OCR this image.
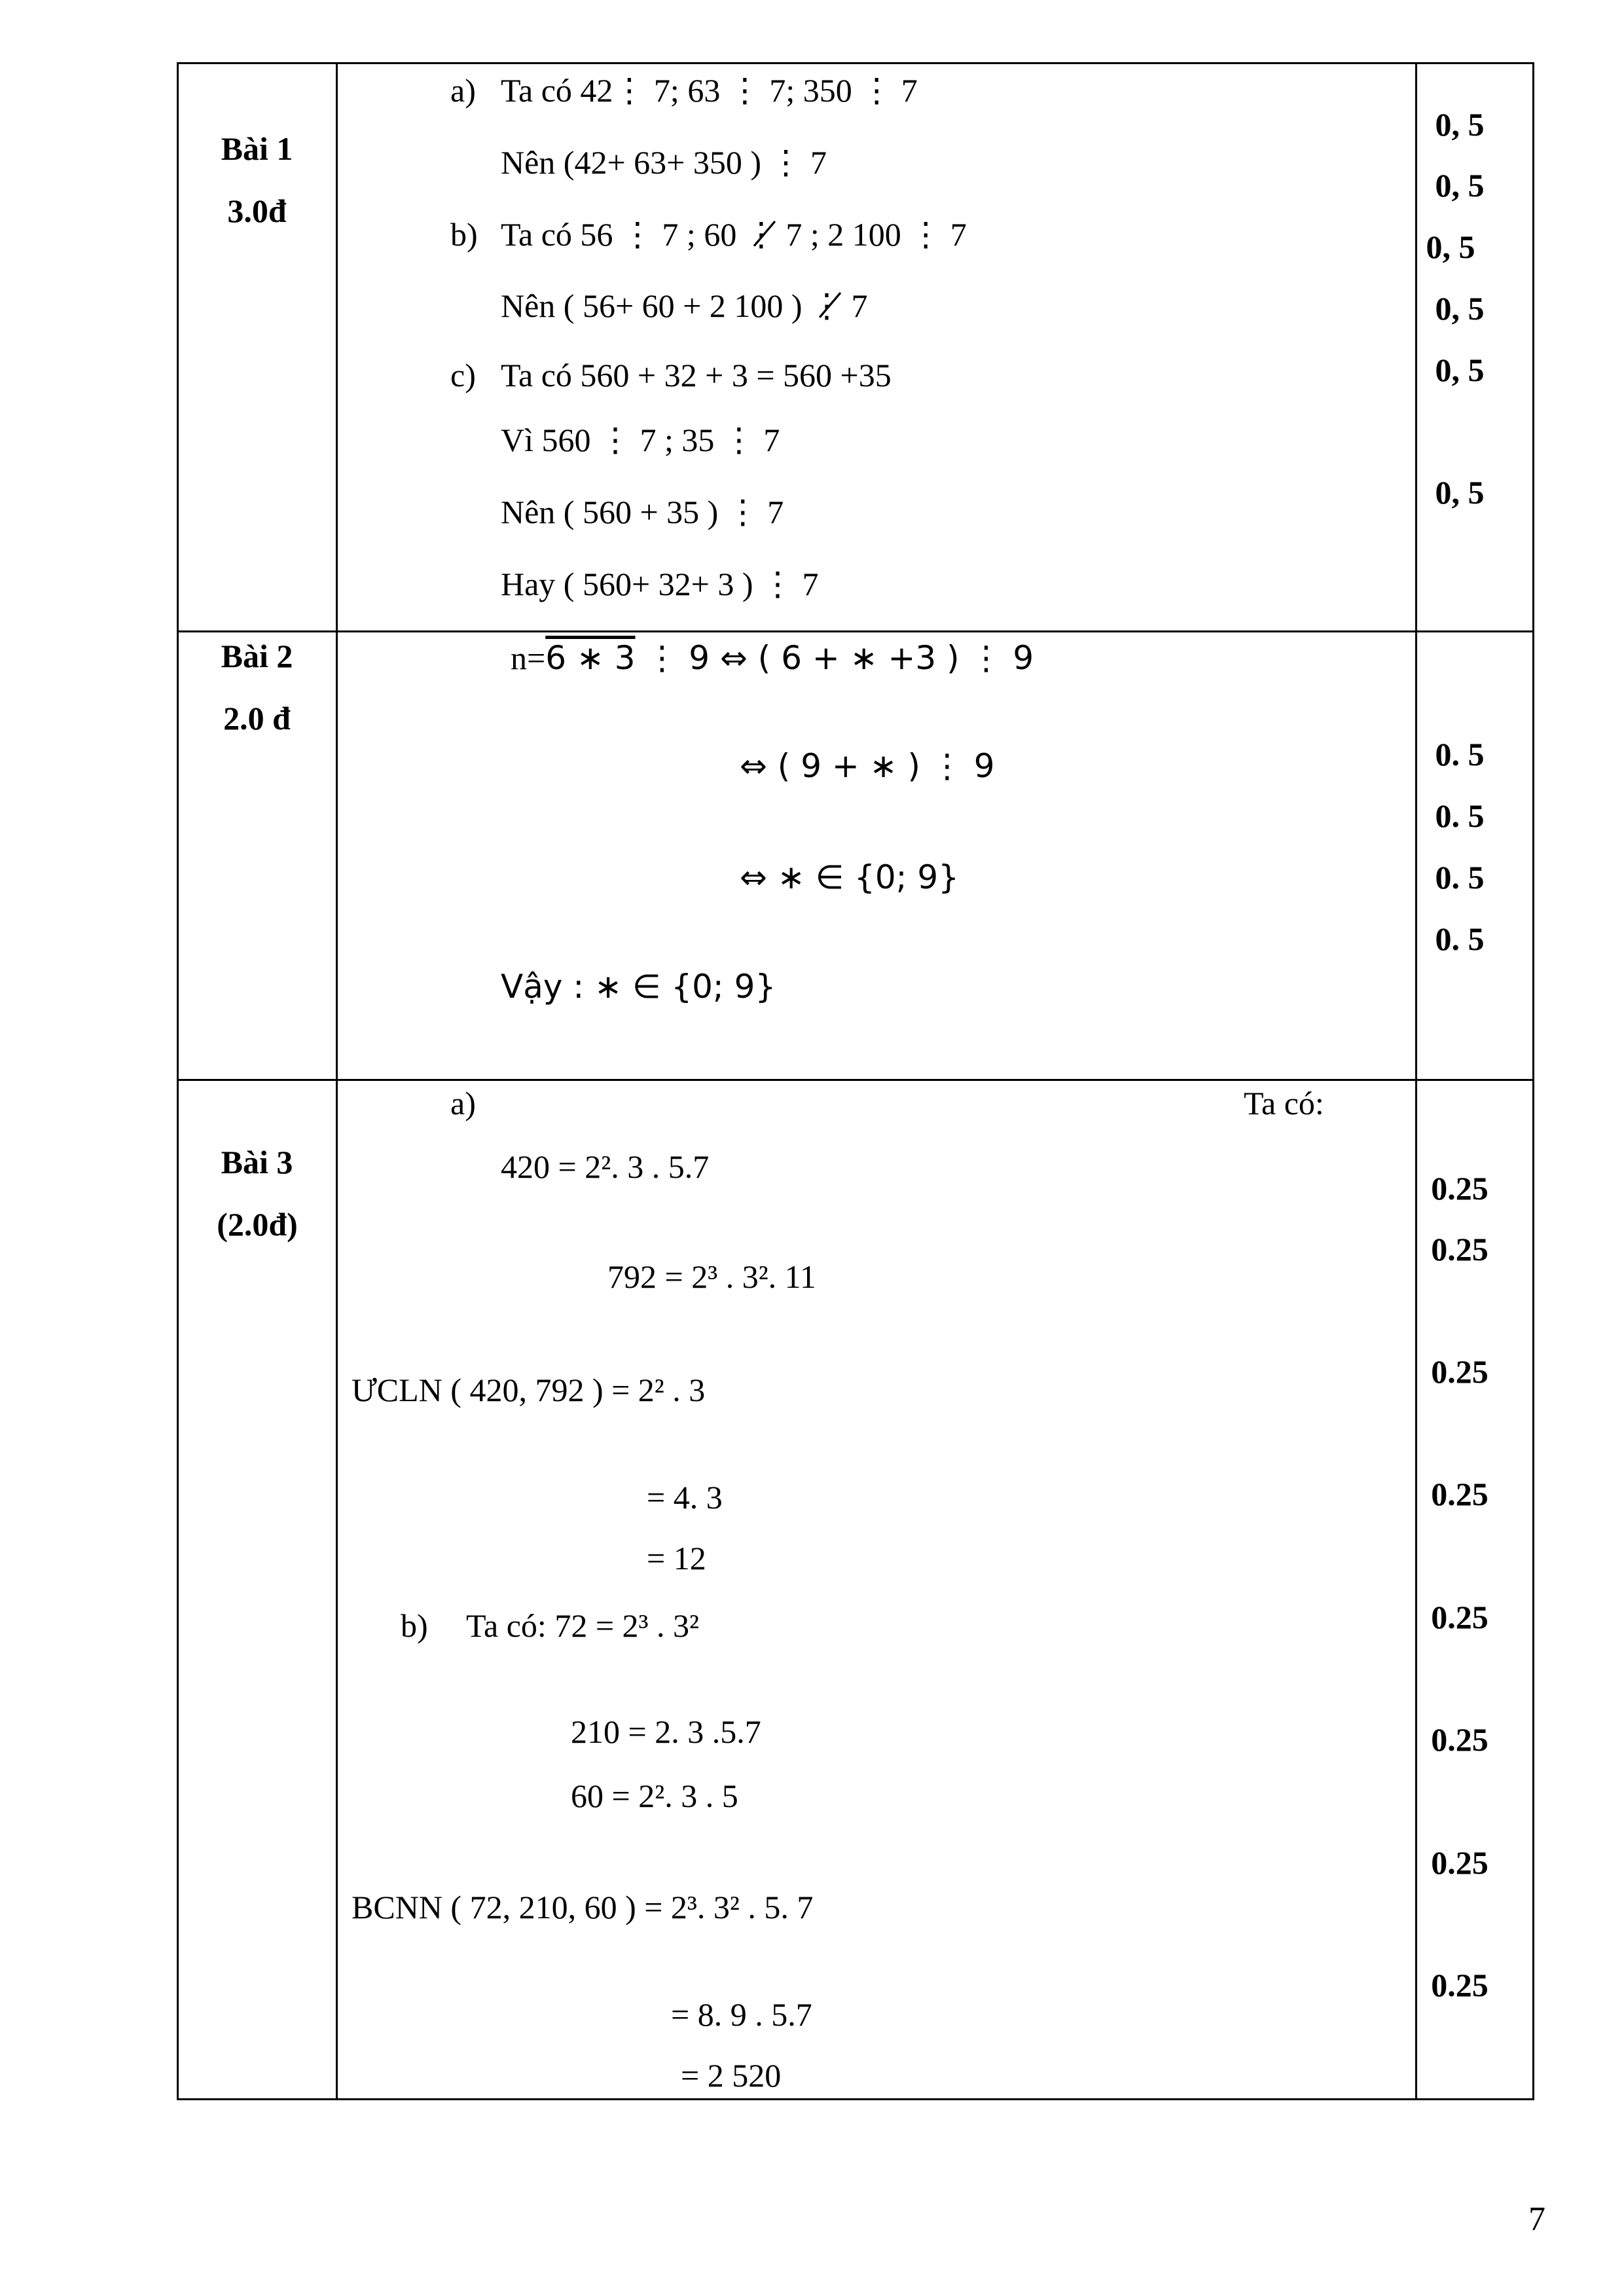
Bài 1
3.0đ
a) Ta có 42⋮ 7; 63 ⋮ 7; 350 ⋮ 7
Nên (42+ 63+ 350 ) ⋮ 7
b) Ta có 56 ⋮ 7 ; 60 ⋮̸ 7 ; 2 100 ⋮ 7
Nên ( 56+ 60 + 2 100 ) ⋮̸ 7
c) Ta có 560 + 32 + 3 = 560 +35
Vì 560 ⋮ 7 ; 35 ⋮ 7
Nên ( 560 + 35 ) ⋮ 7
Hay ( 560+ 32+ 3 ) ⋮ 7
0, 5
0, 5
0, 5
0, 5
0, 5
0, 5
Bài 2
2.0 đ
n=6 ∗ 3 ⋮ 9 ⇔ ( 6 + ∗ +3 ) ⋮ 9
⇔ ( 9 + ∗ ) ⋮ 9
⇔ ∗ ∈ {0; 9}
Vậy : ∗ ∈ {0; 9}
0. 5
0. 5
0. 5
0. 5
Bài 3
(2.0đ)
a)	Ta có:
420 = 2². 3 . 5.7
792 = 2³ . 3². 11
ƯCLN ( 420, 792 ) = 2² . 3
= 4. 3
= 12
b) Ta có: 72 = 2³ . 3²
210 = 2. 3 .5.7
60 = 2². 3 . 5
BCNN ( 72, 210, 60 ) = 2³. 3² . 5. 7
= 8. 9 . 5.7
= 2 520
0.25
0.25
0.25
0.25
0.25
0.25
0.25
0.25
7
